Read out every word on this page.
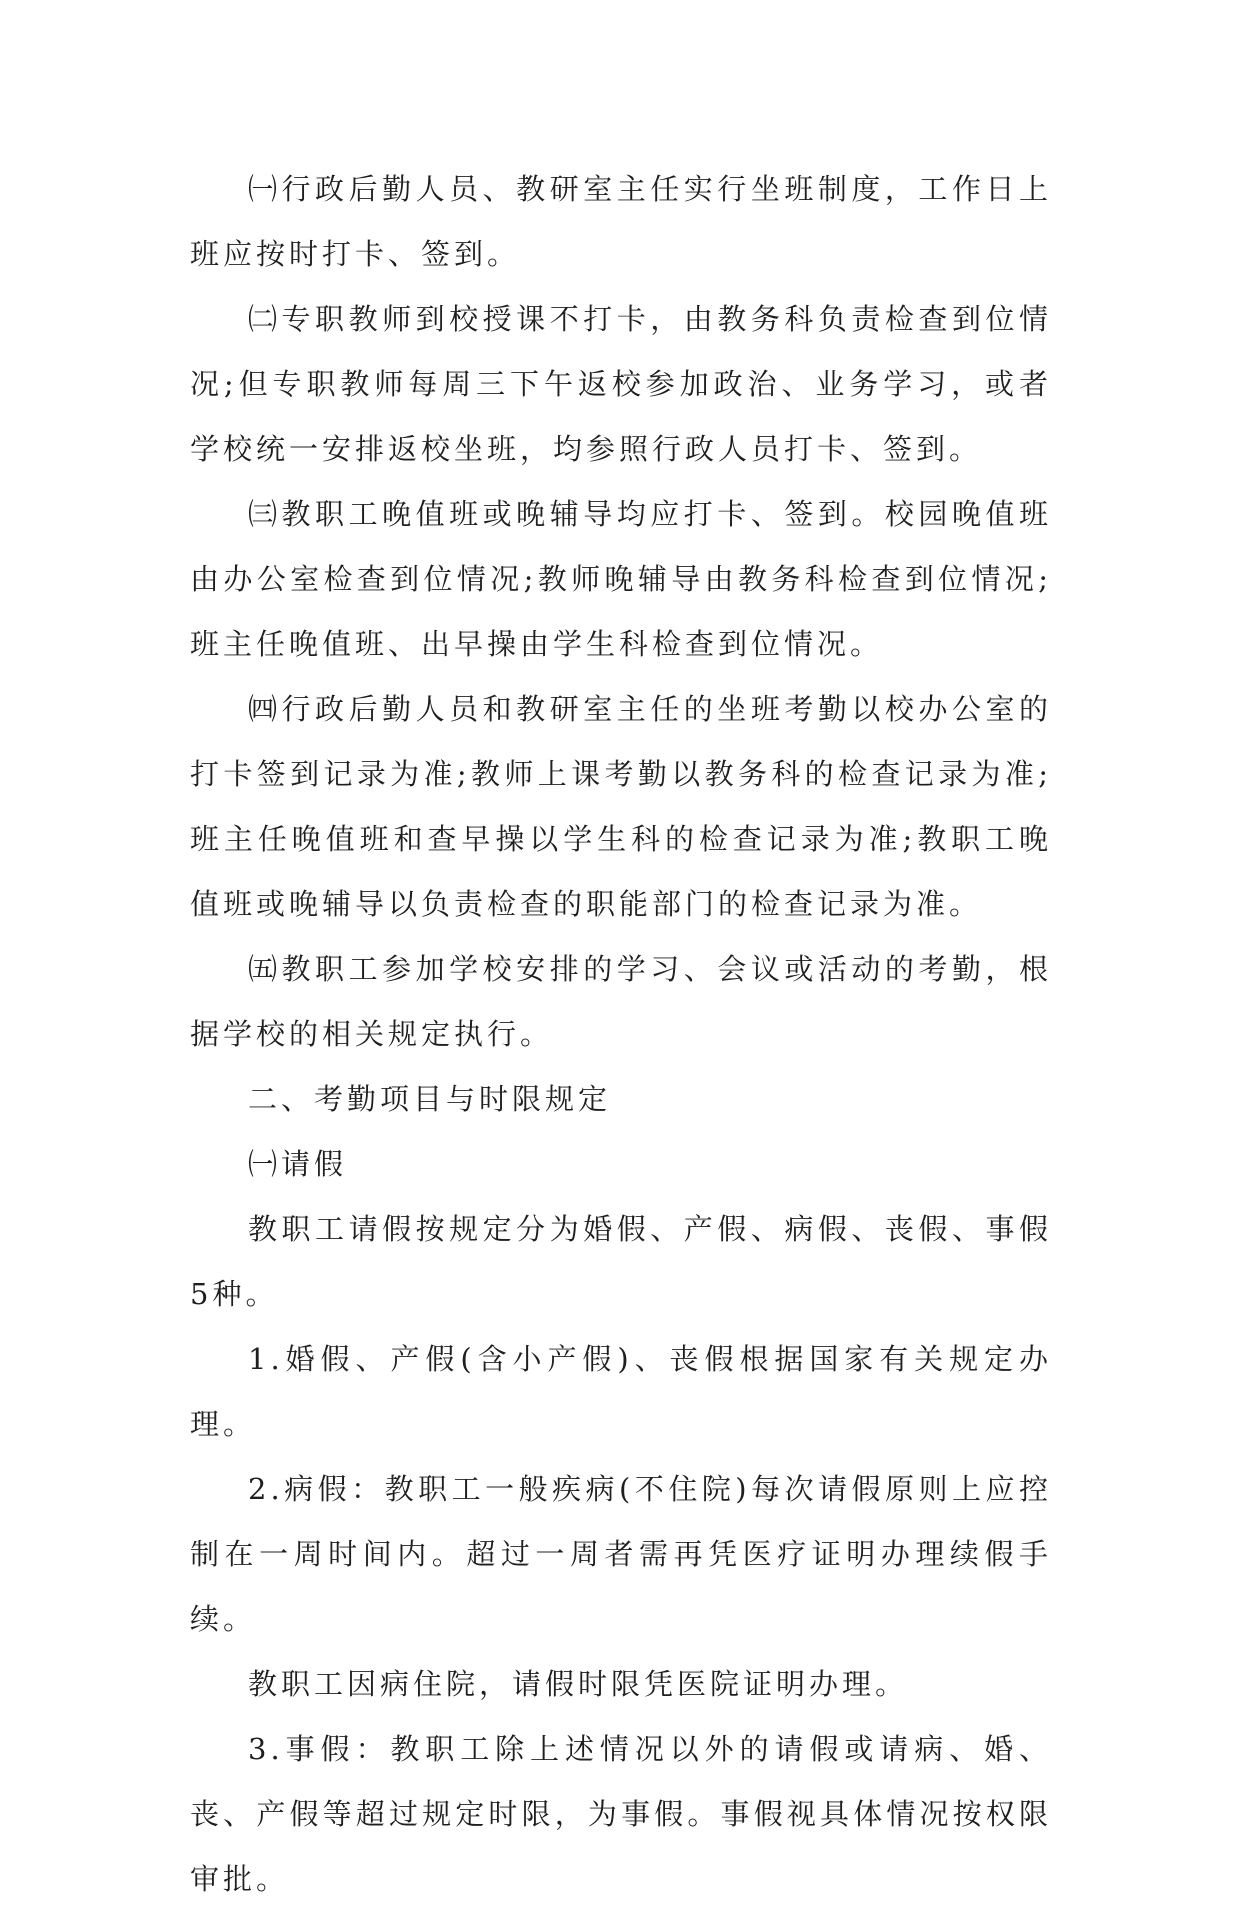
㈠行政后勤人员、教研室主任实行坐班制度，工作日上班应按时打卡、签到。

㈡专职教师到校授课不打卡，由教务科负责检查到位情况;但专职教师每周三下午返校参加政治、业务学习，或者学校统一安排返校坐班，均参照行政人员打卡、签到。

㈢教职工晚值班或晚辅导均应打卡、签到。校园晚值班由办公室检查到位情况;教师晚辅导由教务科检查到位情况;班主任晚值班、出早操由学生科检查到位情况。

㈣行政后勤人员和教研室主任的坐班考勤以校办公室的打卡签到记录为准;教师上课考勤以教务科的检查记录为准;班主任晚值班和查早操以学生科的检查记录为准;教职工晚值班或晚辅导以负责检查的职能部门的检查记录为准。

㈤教职工参加学校安排的学习、会议或活动的考勤，根据学校的相关规定执行。

二、考勤项目与时限规定

㈠请假

教职工请假按规定分为婚假、产假、病假、丧假、事假5种。

1.婚假、产假(含小产假)、丧假根据国家有关规定办理。

2.病假：教职工一般疾病(不住院)每次请假原则上应控制在一周时间内。超过一周者需再凭医疗证明办理续假手续。

教职工因病住院，请假时限凭医院证明办理。

3.事假：教职工除上述情况以外的请假或请病、婚、丧、产假等超过规定时限，为事假。事假视具体情况按权限审批。
